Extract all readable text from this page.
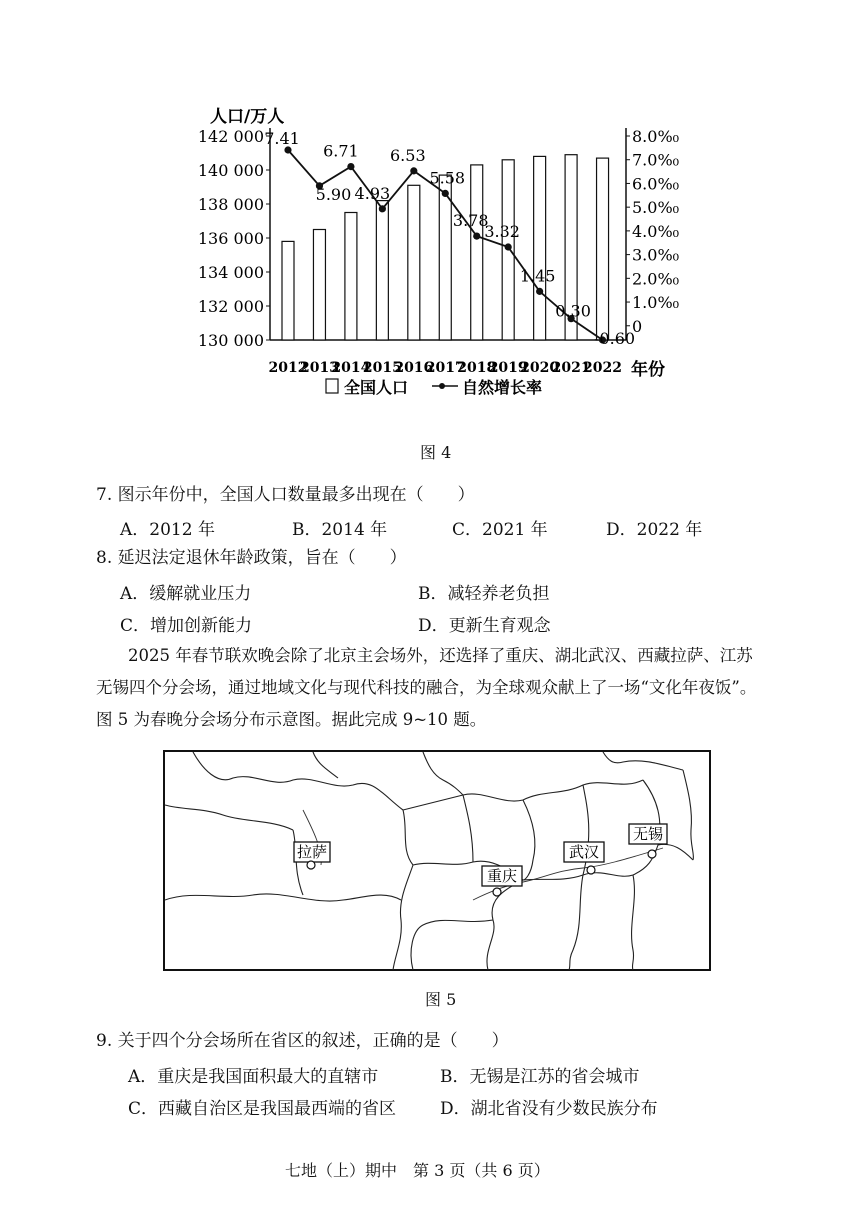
人口/万人
142 000
140 000
138 000
136 000
134 000
132 000
130 000
8.0%₀
7.0%₀
6.0%₀
5.0%₀
4.0%₀
3.0%₀
2.0%₀
1.0%₀
0
7.41
5.90
6.71
4.93
6.53
5.58
3.78
3.32
1.45
0.30
-0.60
2012
2013
2014
2015
2016
2017
2018
2019
2020
2021
2022 年份
全国人口	自然增长率
图 4
7. 图示年份中，全国人口数量最多出现在（　　）
A．2012 年	B．2014 年	C．2021 年	D．2022 年
8. 延迟法定退休年龄政策，旨在（　　）
A．缓解就业压力	B．减轻养老负担
C．增加创新能力	D．更新生育观念
2025 年春节联欢晚会除了北京主会场外，还选择了重庆、湖北武汉、西藏拉萨、江苏
无锡四个分会场，通过地域文化与现代科技的融合，为全球观众献上了一场“文化年夜饭”。
图 5 为春晚分会场分布示意图。据此完成 9~10 题。
拉萨
重庆
武汉
无锡
图 5
9. 关于四个分会场所在省区的叙述，正确的是（　　）
A．重庆是我国面积最大的直辖市	B．无锡是江苏的省会城市
C．西藏自治区是我国最西端的省区	D．湖北省没有少数民族分布
七地（上）期中　第 3 页（共 6 页）
